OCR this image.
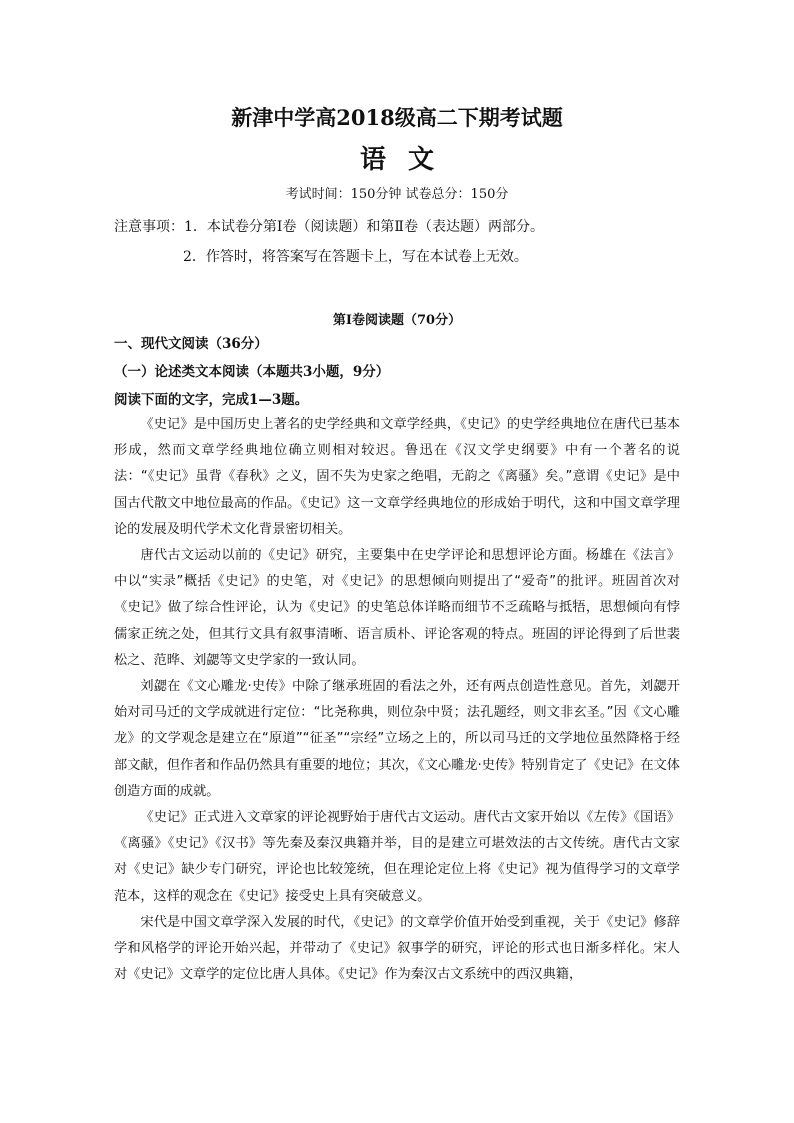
新津中学高2018级高二下期考试题
语文
考试时间：150分钟 试卷总分：150分
注意事项：1．本试卷分第Ⅰ卷（阅读题）和第Ⅱ卷（表达题）两部分。
2．作答时，将答案写在答题卡上，写在本试卷上无效。
第Ⅰ卷阅读题（70分）
一、现代文阅读（36分）
（一）论述类文本阅读（本题共3小题，9分）
阅读下面的文字，完成1—3题。

《史记》是中国历史上著名的史学经典和文章学经典，《史记》的史学经典地位在唐代已基本形成，然而文章学经典地位确立则相对较迟。鲁迅在《汉文学史纲要》中有一个著名的说法：“《史记》虽背《春秋》之义，固不失为史家之绝唱，无韵之《离骚》矣。”意谓《史记》是中国古代散文中地位最高的作品。《史记》这一文章学经典地位的形成始于明代，这和中国文章学理论的发展及明代学术文化背景密切相关。

唐代古文运动以前的《史记》研究，主要集中在史学评论和思想评论方面。杨雄在《法言》中以“实录”概括《史记》的史笔，对《史记》的思想倾向则提出了“爱奇”的批评。班固首次对《史记》做了综合性评论，认为《史记》的史笔总体详略而细节不乏疏略与抵牾，思想倾向有悖儒家正统之处，但其行文具有叙事清晰、语言质朴、评论客观的特点。班固的评论得到了后世裴松之、范晔、刘勰等文史学家的一致认同。

刘勰在《文心雕龙·史传》中除了继承班固的看法之外，还有两点创造性意见。首先，刘勰开始对司马迁的文学成就进行定位：“比尧称典，则位杂中贤；法孔题经，则文非玄圣。”因《文心雕龙》的文学观念是建立在“原道”“征圣”“宗经”立场之上的，所以司马迁的文学地位虽然降格于经部文献，但作者和作品仍然具有重要的地位；其次，《文心雕龙·史传》特别肯定了《史记》在文体创造方面的成就。

《史记》正式进入文章家的评论视野始于唐代古文运动。唐代古文家开始以《左传》《国语》《离骚》《史记》《汉书》等先秦及秦汉典籍并举，目的是建立可堪效法的古文传统。唐代古文家对《史记》缺少专门研究，评论也比较笼统，但在理论定位上将《史记》视为值得学习的文章学范本，这样的观念在《史记》接受史上具有突破意义。

宋代是中国文章学深入发展的时代，《史记》的文章学价值开始受到重视，关于《史记》修辞学和风格学的评论开始兴起，并带动了《史记》叙事学的研究，评论的形式也日渐多样化。宋人对《史记》文章学的定位比唐人具体。《史记》作为秦汉古文系统中的西汉典籍，
